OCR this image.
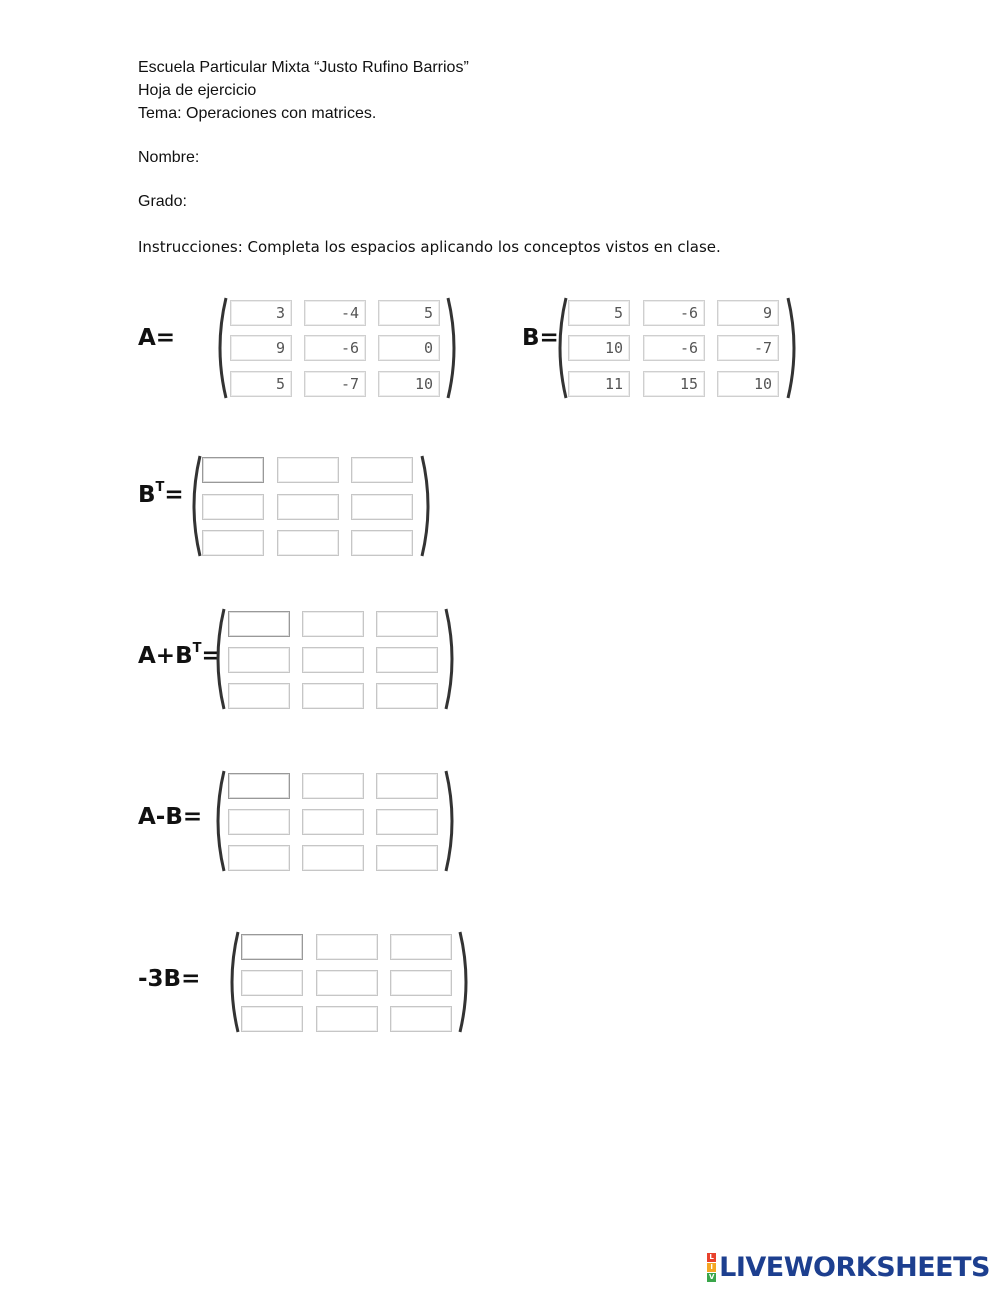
Escuela Particular Mixta “Justo Rufino Barrios”
Hoja de ejercicio
Tema: Operaciones con matrices.
Nombre:
Grado:
Instrucciones: Completa los espacios aplicando los conceptos vistos en clase.
A=
3	-4	5
9	-6	0
5	-7	10
B=
5	-6	9
10	-6	-7
11	15	10
$B^T=$
$A+B^T=$
A-B=
-3B=
L
I
V LIVEWORKSHEETS
